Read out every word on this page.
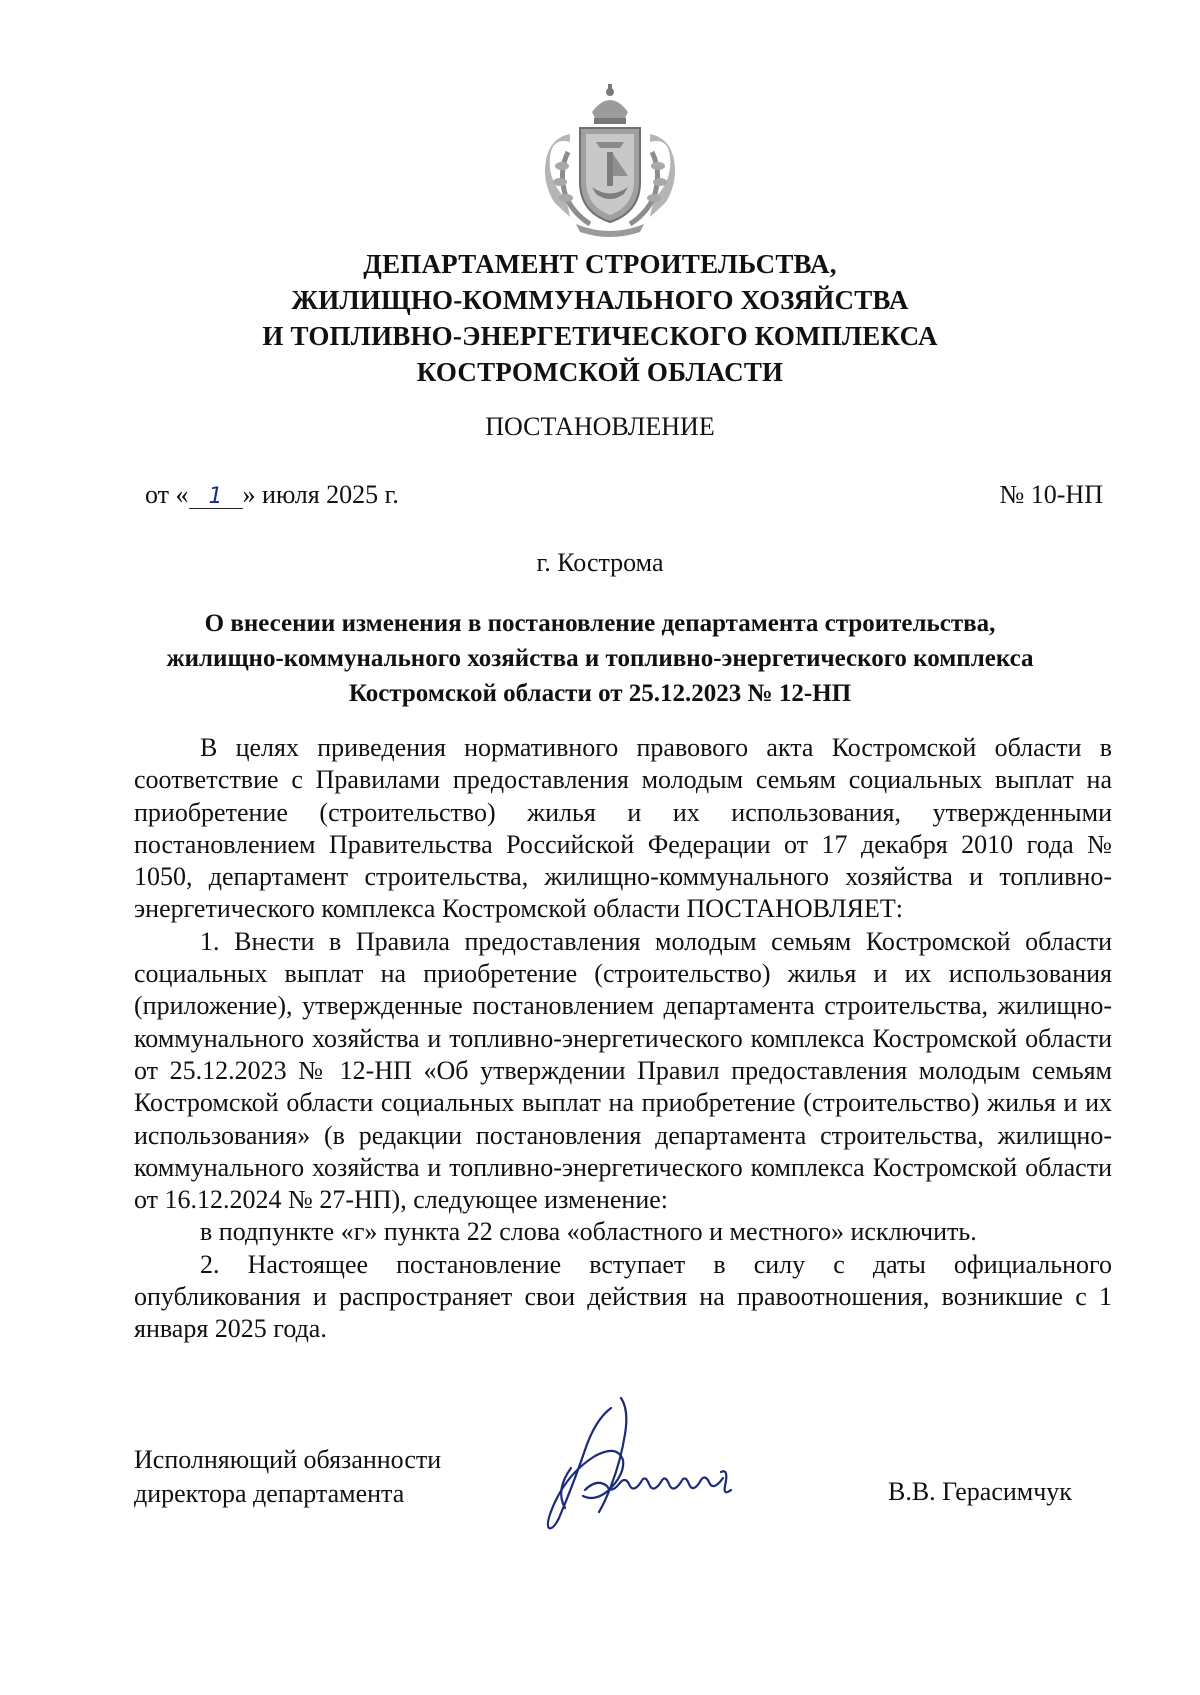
ДЕПАРТАМЕНТ СТРОИТЕЛЬСТВА,
ЖИЛИЩНО-КОММУНАЛЬНОГО ХОЗЯЙСТВА
И ТОПЛИВНО-ЭНЕРГЕТИЧЕСКОГО КОМПЛЕКСА
КОСТРОМСКОЙ ОБЛАСТИ
ПОСТАНОВЛЕНИЕ
от « 1 » июля 2025 г.	№ 10-НП
г. Кострома
О внесении изменения в постановление департамента строительства,
жилищно-коммунального хозяйства и топливно-энергетического комплекса
Костромской области от 25.12.2023 № 12-НП

В целях приведения нормативного правового акта Костромской области в соответствие с Правилами предоставления молодым семьям социальных выплат на приобретение (строительство) жилья и их использования, утвержденными постановлением Правительства Российской Федерации от 17 декабря 2010 года № 1050, департамент строительства, жилищно-коммунального хозяйства и топливно-энергетического комплекса Костромской области ПОСТАНОВЛЯЕТ:

1. Внести в Правила предоставления молодым семьям Костромской области социальных выплат на приобретение (строительство) жилья и их использования (приложение), утвержденные постановлением департамента строительства, жилищно-коммунального хозяйства и топливно-энергетического комплекса Костромской области от 25.12.2023 № 12-НП «Об утверждении Правил предоставления молодым семьям Костромской области социальных выплат на приобретение (строительство) жилья и их использования» (в редакции постановления департамента строительства, жилищно-коммунального хозяйства и топливно-энергетического комплекса Костромской области от 16.12.2024 № 27-НП), следующее изменение:

в подпункте «г» пункта 22 слова «областного и местного» исключить.

2. Настоящее постановление вступает в силу с даты официального опубликования и распространяет свои действия на правоотношения, возникшие с 1 января 2025 года.

Исполняющий обязанности
директора департамента	В.В. Герасимчук
